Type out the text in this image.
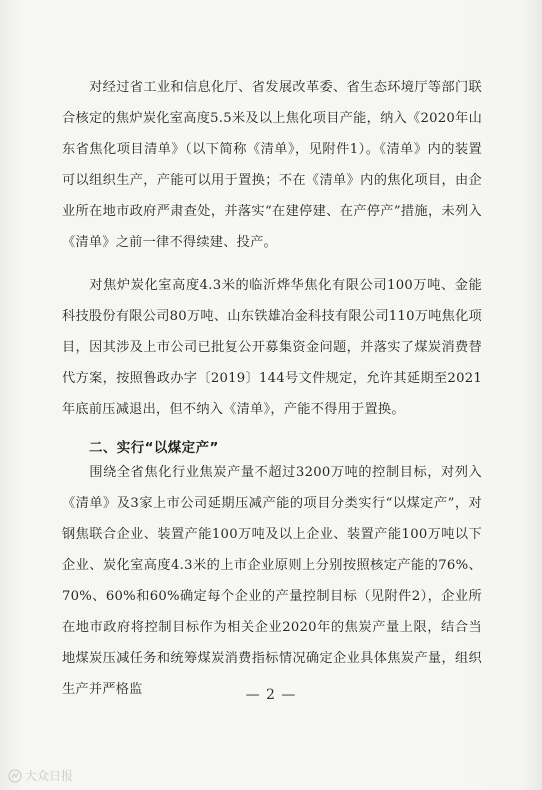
对经过省工业和信息化厅、省发展改革委、省生态环境厅等部门联合核定的焦炉炭化室高度5.5米及以上焦化项目产能，纳入《2020年山东省焦化项目清单》（以下简称《清单》，见附件1）。《清单》内的装置可以组织生产，产能可以用于置换；不在《清单》内的焦化项目，由企业所在地市政府严肃查处，并落实“在建停建、在产停产”措施，未列入《清单》之前一律不得续建、投产。

对焦炉炭化室高度4.3米的临沂烨华焦化有限公司100万吨、金能科技股份有限公司80万吨、山东铁雄冶金科技有限公司110万吨焦化项目，因其涉及上市公司已批复公开募集资金问题，并落实了煤炭消费替代方案，按照鲁政办字〔2019〕144号文件规定，允许其延期至2021年底前压减退出，但不纳入《清单》，产能不得用于置换。

二、实行“以煤定产”

围绕全省焦化行业焦炭产量不超过3200万吨的控制目标，对列入《清单》及3家上市公司延期压减产能的项目分类实行“以煤定产”，对钢焦联合企业、装置产能100万吨及以上企业、装置产能100万吨以下企业、炭化室高度4.3米的上市企业原则上分别按照核定产能的76%、70%、60%和60%确定每个企业的产量控制目标（见附件2），企业所在地市政府将控制目标作为相关企业2020年的焦炭产量上限，结合当地煤炭压减任务和统筹煤炭消费指标情况确定企业具体焦炭产量，组织生产并严格监	— 2 —
大众日报
